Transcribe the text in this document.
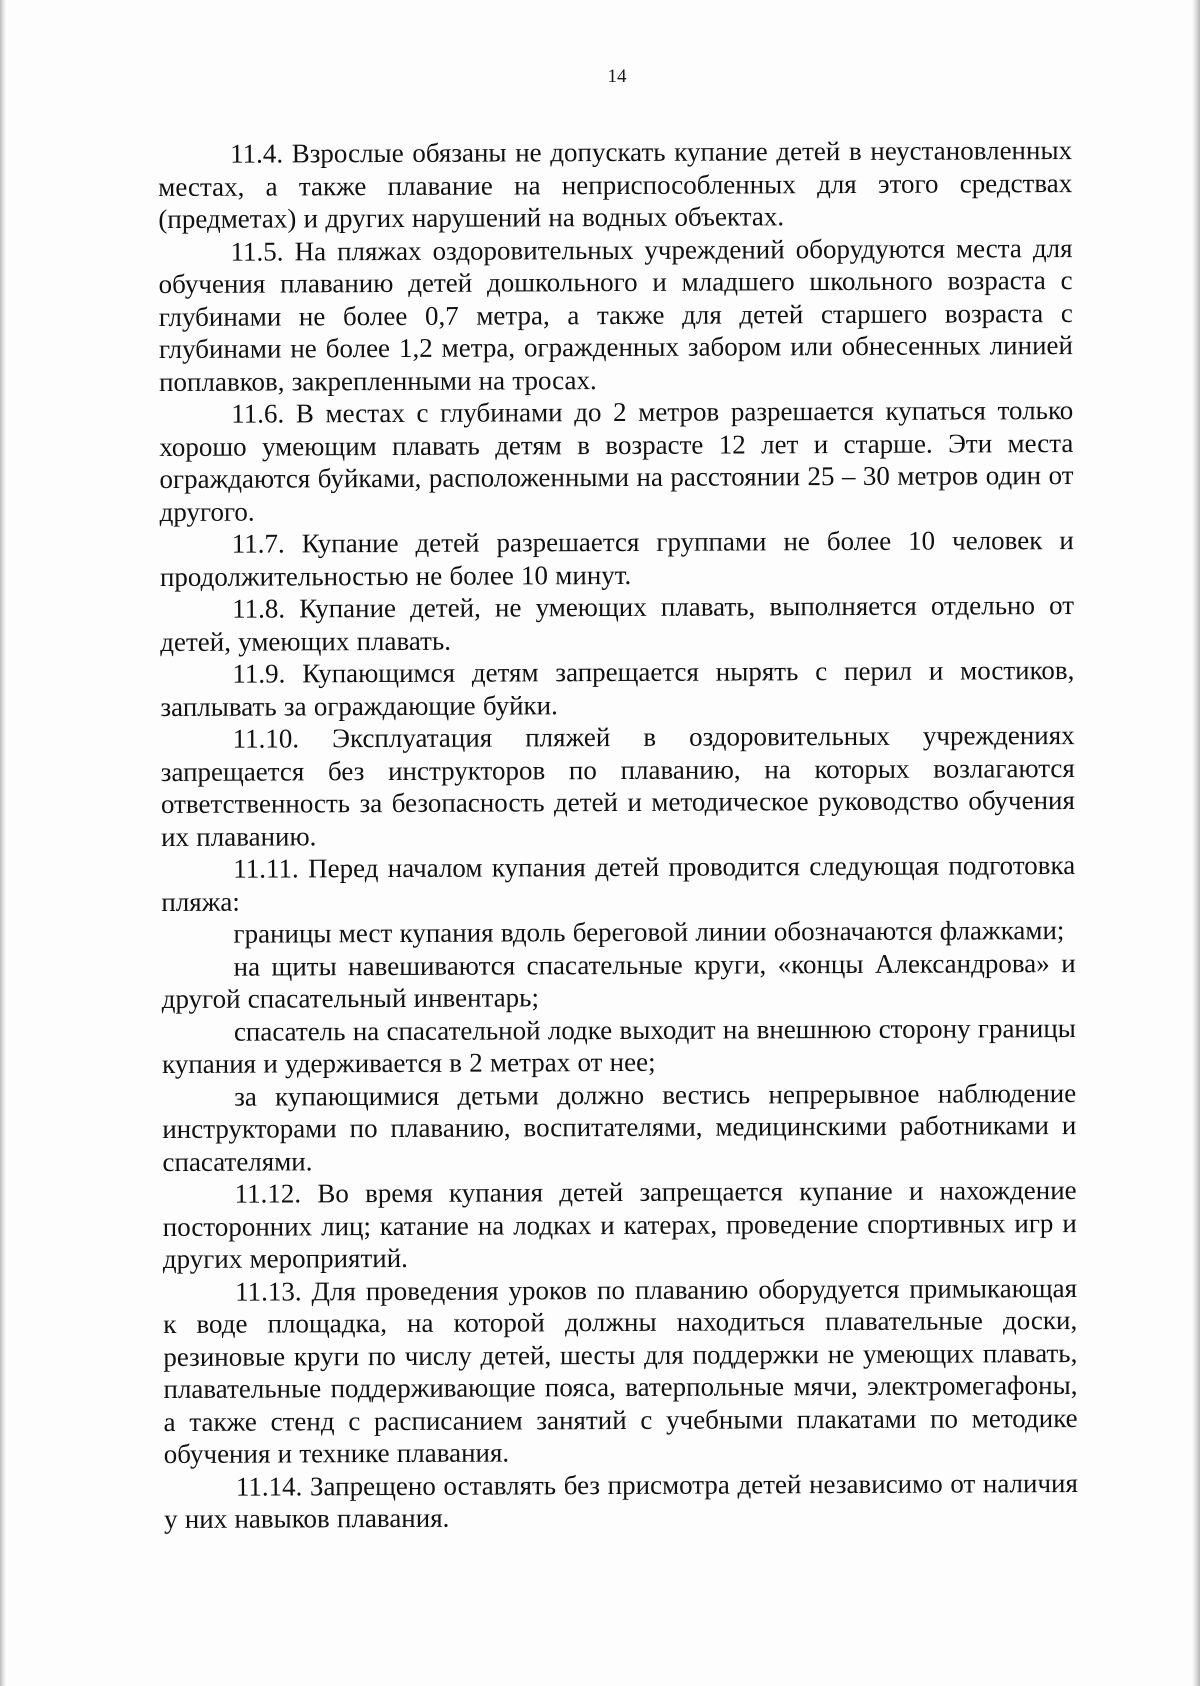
14

11.4. Взрослые обязаны не допускать купание детей в неустановленных местах, а также плавание на неприспособленных для этого средствах (предметах) и других нарушений на водных объектах.

11.5. На пляжах оздоровительных учреждений оборудуются места для обучения плаванию детей дошкольного и младшего школьного возраста с глубинами не более 0,7 метра, а также для детей старшего возраста с глубинами не более 1,2 метра, огражденных забором или обнесенных линией поплавков, закрепленными на тросах.

11.6. В местах с глубинами до 2 метров разрешается купаться только хорошо умеющим плавать детям в возрасте 12 лет и старше. Эти места ограждаются буйками, расположенными на расстоянии 25 – 30 метров один от другого.

11.7. Купание детей разрешается группами не более 10 человек и продолжительностью не более 10 минут.

11.8. Купание детей, не умеющих плавать, выполняется отдельно от детей, умеющих плавать.

11.9. Купающимся детям запрещается нырять с перил и мостиков, заплывать за ограждающие буйки.

11.10. Эксплуатация пляжей в оздоровительных учреждениях запрещается без инструкторов по плаванию, на которых возлагаются ответственность за безопасность детей и методическое руководство обучения их плаванию.

11.11. Перед началом купания детей проводится следующая подготовка пляжа:

границы мест купания вдоль береговой линии обозначаются флажками;

на щиты навешиваются спасательные круги, «концы Александрова» и другой спасательный инвентарь;

спасатель на спасательной лодке выходит на внешнюю сторону границы купания и удерживается в 2 метрах от нее;

за купающимися детьми должно вестись непрерывное наблюдение инструкторами по плаванию, воспитателями, медицинскими работниками и спасателями.

11.12. Во время купания детей запрещается купание и нахождение посторонних лиц; катание на лодках и катерах, проведение спортивных игр и других мероприятий.

11.13. Для проведения уроков по плаванию оборудуется примыкающая к воде площадка, на которой должны находиться плавательные доски, резиновые круги по числу детей, шесты для поддержки не умеющих плавать, плавательные поддерживающие пояса, ватерпольные мячи, электромегафоны, а также стенд с расписанием занятий с учебными плакатами по методике обучения и технике плавания.

11.14. Запрещено оставлять без присмотра детей независимо от наличия у них навыков плавания.
